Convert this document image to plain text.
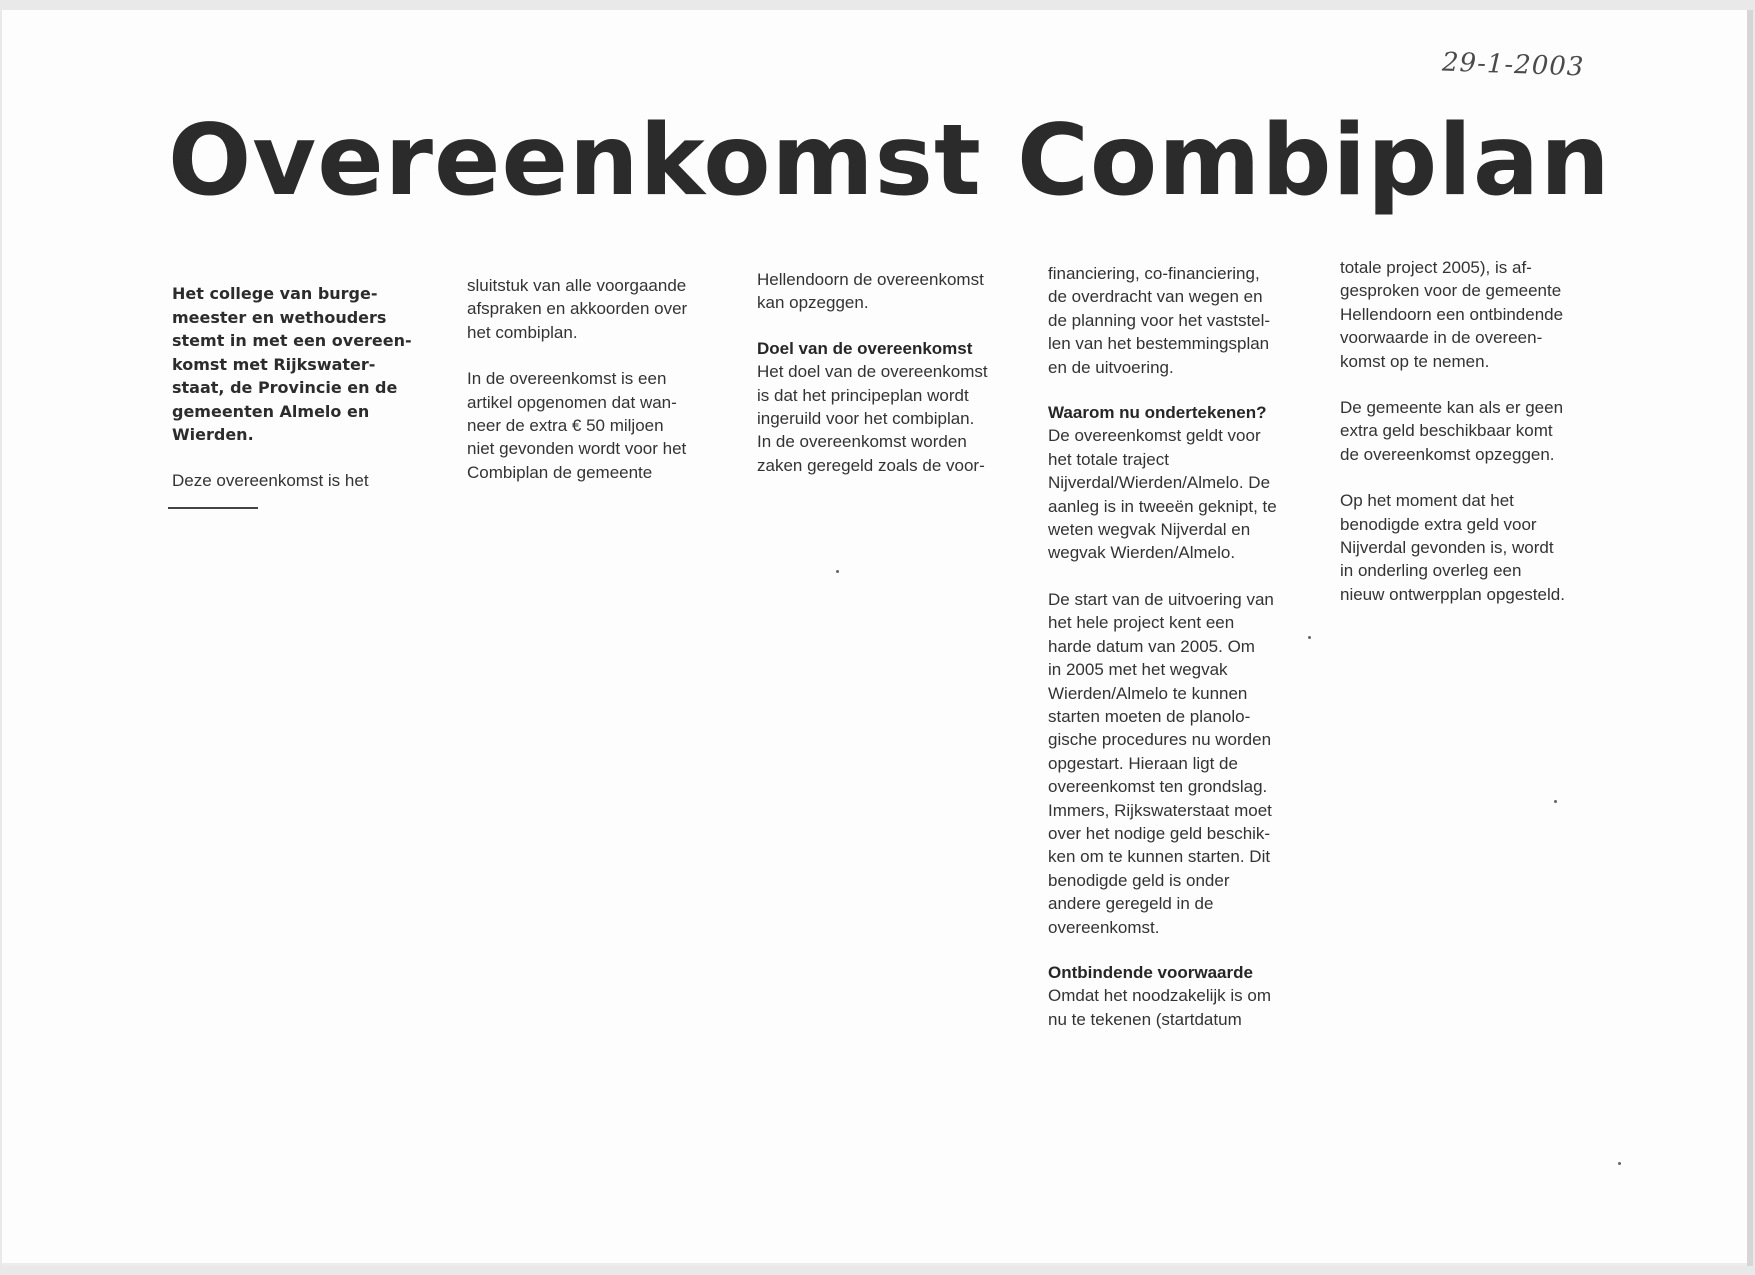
29-1-2003
Overeenkomst Combiplan

Het college van burge-
meester en wethouders
stemt in met een overeen-
komst met Rijkswater-
staat, de Provincie en de
gemeenten Almelo en
Wierden.

Deze overeenkomst is het

sluitstuk van alle voorgaande
afspraken en akkoorden over
het combiplan.

In de overeenkomst is een
artikel opgenomen dat wan-
neer de extra € 50 miljoen
niet gevonden wordt voor het
Combiplan de gemeente

Hellendoorn de overeenkomst
kan opzeggen.

Doel van de overeenkomst

Het doel van de overeenkomst
is dat het principeplan wordt
ingeruild voor het combiplan.
In de overeenkomst worden
zaken geregeld zoals de voor-

financiering, co-financiering,
de overdracht van wegen en
de planning voor het vaststel-
len van het bestemmingsplan
en de uitvoering.

Waarom nu ondertekenen?

De overeenkomst geldt voor
het totale traject
Nijverdal/Wierden/Almelo. De
aanleg is in tweeën geknipt, te
weten wegvak Nijverdal en
wegvak Wierden/Almelo.

De start van de uitvoering van
het hele project kent een
harde datum van 2005. Om
in 2005 met het wegvak
Wierden/Almelo te kunnen
starten moeten de planolo-
gische procedures nu worden
opgestart. Hieraan ligt de
overeenkomst ten grondslag.
Immers, Rijkswaterstaat moet
over het nodige geld beschik-
ken om te kunnen starten. Dit
benodigde geld is onder
andere geregeld in de
overeenkomst.

Ontbindende voorwaarde

Omdat het noodzakelijk is om
nu te tekenen (startdatum

totale project 2005), is af-
gesproken voor de gemeente
Hellendoorn een ontbindende
voorwaarde in de overeen-
komst op te nemen.

De gemeente kan als er geen
extra geld beschikbaar komt
de overeenkomst opzeggen.

Op het moment dat het
benodigde extra geld voor
Nijverdal gevonden is, wordt
in onderling overleg een
nieuw ontwerpplan opgesteld.
